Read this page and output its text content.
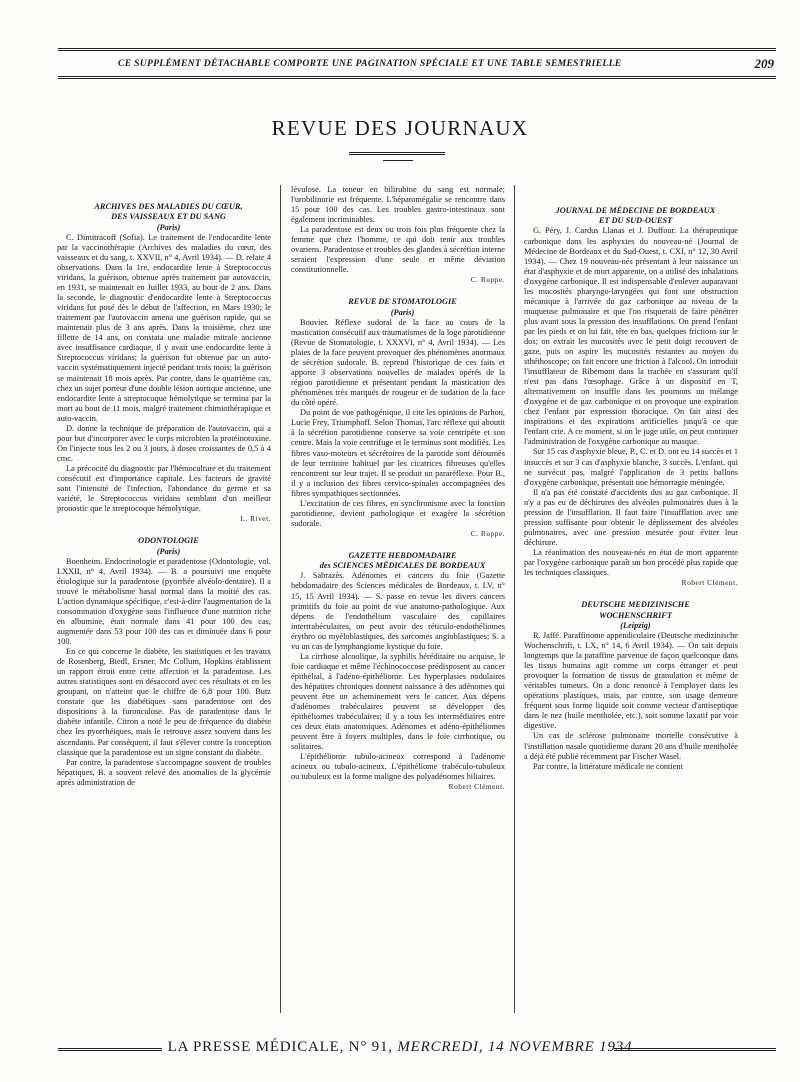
CE SUPPLÉMENT DÉTACHABLE COMPORTE UNE PAGINATION SPÉCIALE ET UNE TABLE SEMESTRIELLE	209
REVUE DES JOURNAUX

ARCHIVES DES MALADIES DU CŒUR,

DES VAISSEAUX ET DU SANG

(Paris)

C. Dimitracoff (Sofia). Le traitement de l'endocardite lente par la vaccinothérapie (Archives des maladies du cœur, des vaisseaux et du sang, t. XXVII, n° 4, Avril 1934). — D. relate 4 observations. Dans la 1re, endocardite lente à Streptococcus viridans, la guérison, obtenue après traitement par autovaccin, en 1931, se maintenait en Juillet 1933, au bout de 2 ans. Dans la seconde, le diagnostic d'endocardite lente à Streptococcus viridans fut posé dès le début de l'affection, en Mars 1930; le traitement par l'autovaccin amena une guérison rapide, qui se maintenait plus de 3 ans après. Dans la troisième, chez une fillette de 14 ans, on constata une maladie mitrale ancienne avec insuffisance cardiaque, il y avait une endocardite lente à Streptococcus viridans; la guérison fut obtenue par un auto-vaccin systématiquement injecté pendant trois mois; la guérison se maintenait 18 mois après. Par contre, dans le quatrième cas, chez un sujet porteur d'une double lésion aortique ancienne, une endocardite lente à streptocoque hémolytique se termina par la mort au bout de 11 mois, malgré traitement chimiothérapique et auto-vaccin.

D. donne la technique de préparation de l'autovaccin, qui a pour but d'incorporer avec le corps microbien la protéinotoxine. On l'injecte tous les 2 ou 3 jours, à doses croissantes de 0,5 à 4 cmc.

La précocité du diagnostic par l'hémoculture et du traitement consécutif est d'importance capitale. Les facteurs de gravité sont l'intensité de l'infection, l'abondance du germe et sa variété, le Streptococcus viridans semblant d'un meilleur pronostic que le streptocoque hémolytique.

L. Rivet.

ODONTOLOGIE

(Paris)

Boenheim. Endocrinologie et paradentose (Odontologie, vol. LXXII, n° 4, Avril 1934). — B. a poursuivi une enquête étiologique sur la paradentose (pyorrhée alvéolo-dentaire). Il a trouvé le métabolisme basal normal dans la moitié des cas. L'action dynamique spécifique, c'est-à-dire l'augmentation de la consommation d'oxygène sous l'influence d'une nutrition riche en albumine, était normale dans 41 pour 100 des cas, augmentée dans 53 pour 100 des cas et diminuée dans 6 pour 100.

En ce qui concerne le diabète, les statistiques et les travaux de Rosenberg, Biedl, Ersner, Mc Collum, Hopkins établissent un rapport étroit entre cette affection et la paradentose. Les autres statistiques sont en désaccord avec ces résultats et en les groupant, on n'atteint que le chiffre de 6,8 pour 100. Butz constate que les diabétiques sans paradentose ont des dispositions à la furonculose. Pas de paradentose dans le diabète infantile. Citron a noté le peu de fréquence du diabète chez les pyorrhéiques, mais le retrouve assez souvent dans les ascendants. Par conséquent, il faut s'élever contre la conception classique que la paradentose est un signe constant du diabète.

Par contre, la paradentose s'accompagne souvent de troubles hépatiques, B. a souvent relevé des anomalies de la glycémie après administration de

lévulose. La teneur en bilirubine du sang est normale; l'urobilinurie est fréquente. L'hépatomégalie se rencontre dans 15 pour 100 des cas. Les troubles gastro-intestinaux sont également incriminables.

La paradentose est deux ou trois fois plus fréquente chez la femme que chez l'homme, ce qui doit tenir aux troubles ovariens. Paradentose et troubles des glandes à sécrétion interne seraient l'expression d'une seule et même déviation constitutionnelle.

C. Ruppe.

REVUE DE STOMATOLOGIE

(Paris)

Bouvier. Réflexe sudoral de la face au cours de la mastication consécutif aux traumatismes de la loge parotidienne (Revue de Stomatologie, t. XXXVI, n° 4, Avril 1934). — Les plaies de la face peuvent provoquer des phénomènes anormaux de sécrétion sudorale. B. reprend l'historique de ces faits et apporte 3 observations nouvelles de malades opérés de la région parotidienne et présentant pendant la mastication des phénomènes très marqués de rougeur et de sudation de la face du côté opéré.

Du point de vue pathogénique, il cite les opinions de Parhon, Lucie Frey, Triumphoff. Selon Thomas, l'arc réflexe qui aboutit à la sécrétion parotidienne conserve sa voie centripète et son centre. Mais la voie centrifuge et le terminus sont modifiés. Les fibres vaso-moteurs et sécrétoires de la parotide sont détournés de leur territoire habituel par les cicatrices fibreuses qu'elles rencontrent sur leur trajet. Il se produit un pararéflexe. Pour B., il y a inclusion des fibres cervico-spinales accompagnées des fibres sympathiques sectionnées.

L'excitation de ces fibres, en synchronisme avec la fonction parotidienne, devient pathologique et exagère la sécrétion sudorale.

C. Ruppe.

GAZETTE HEBDOMADAIRE

des SCIENCES MÉDICALES DE BORDEAUX

J. Sabrazès. Adénomes et cancers du foie (Gazette hebdomadaire des Sciences médicales de Bordeaux, t. LV, n° 15, 15 Avril 1934). — S. passe en revue les divers cancers primitifs du foie au point de vue anatomo-pathologique. Aux dépens de l'endothélium vasculaire des capillaires intertrabéculaires, on peut avoir des réticulo-endothéliomes érythro ou myéloblastiques, des sarcomes angioblastiques; S. a vu un cas de lymphangiome kystique du foie.

La cirrhose alcoolique, la syphilis héréditaire ou acquise, le foie cardiaque et même l'échinococcose prédisposent au cancer épithélial, à l'adéno-épithéliome. Les hyperplasies nodulaires des hépatites chroniques donnent naissance à des adénomes qui peuvent être un acheminement vers le cancer. Aux dépens d'adénomes trabéculaires peuvent se développer des épithéliomes trabéculaires; il y a tous les intermédiaires entre ces deux états anatomiques. Adénomes et adéno-épithéliomes peuvent être à foyers multiples, dans le foie cirrhotique, ou solitaires.

L'épithéliome tubulo-acineux correspond à l'adénome acineux ou tubulo-acineux. L'épithéliome trabéculo-tubuleux ou tubuleux est la forme maligne des polyadénomes biliaires.

Robert Clément.

JOURNAL DE MÉDECINE DE BORDEAUX

ET DU SUD-OUEST

G. Péry, J. Cardus Llanas et J. Duffour. La thérapeutique carbonique dans les asphyxies du nouveau-né (Journal de Médecine de Bordeaux et du Sud-Ouest, t. CXI, n° 12, 30 Avril 1934). — Chez 19 nouveau-nés présentant à leur naissance un état d'asphyxie et de mort apparente, on a utilisé des inhalations d'oxygène carbonique. Il est indispensable d'enlever auparavant les mucosités pharyngo-laryngées qui font une obstruction mécanique à l'arrivée du gaz carbonique au niveau de la muqueuse pulmonaire et que l'on risquerait de faire pénétrer plus avant sous la pression des insufflations. On prend l'enfant par les pieds et on lui fait, tête en bas, quelques frictions sur le dos; on extrait les mucosités avec le petit doigt recouvert de gaze, puis on aspire les mucosités restantes au moyen du sthéthoscope; on fait encore une friction à l'alcool. On introduit l'insufflateur de Ribemont dans la trachée en s'assurant qu'il n'est pas dans l'œsophage. Grâce à un dispositif en T, alternativement on insuffle dans les poumons un mélange d'oxygène et de gaz carbonique et on provoque une expiration chez l'enfant par expression thoracique. On fait ainsi des inspirations et des expirations artificielles jusqu'à ce que l'enfant crie. A ce moment, si on le juge utile, on peut continuer l'administration de l'oxygène carbonique au masque.

Sur 15 cas d'asphyxie bleue, P., C. et D. ont eu 14 succès et 1 insuccès et sur 3 cas d'asphyxie blanche, 3 succès. L'enfant, qui ne survécut pas, malgré l'application de 3 petits ballons d'oxygène carbonique, présentait une hémorragie méningée.

Il n'a pas été constaté d'accidents dus au gaz carbonique. Il n'y a pas eu de déchirures des alvéoles pulmonaires dues à la pression de l'insufflation. Il faut faire l'insufflation avec une pression suffisante pour obtenir le déplissement des alvéoles pulmonaires, avec une pression mesurée pour éviter leur déchirure.

La réanimation des nouveau-nés en état de mort apparente par l'oxygène carbonique paraît un bon procédé plus rapide que les techniques classiques.

Robert Clément.

DEUTSCHE MEDIZINISCHE

WOCHENSCHRIFT

(Leipzig)

R. Jaffé. Paraffinome appendiculaire (Deutsche medizinische Wochenschrift, t. LX, n° 14, 6 Avril 1934). — On sait depuis longtemps que la paraffine parvenue de façon quelconque dans les tissus humains agit comme un corps étranger et peut provoquer la formation de tissus de granulation et même de véritables tumeurs. On a donc renoncé à l'employer dans les opérations plastiques, mais, par contre, son usage demeure fréquent sous forme liquide soit comme vecteur d'antiseptique dans le nez (huile mentholée, etc.), soit somme laxatif par voie digestive.

Un cas de sclérose pulmonaire mortelle consécutive à l'instillation nasale quotidienne durant 20 ans d'huile mentholée a déjà été publié récemment par Fischer Wasel.

Par contre, la littérature médicale ne contient

LA PRESSE MÉDICALE, N° 91, MERCREDI, 14 NOVEMBRE 1934
